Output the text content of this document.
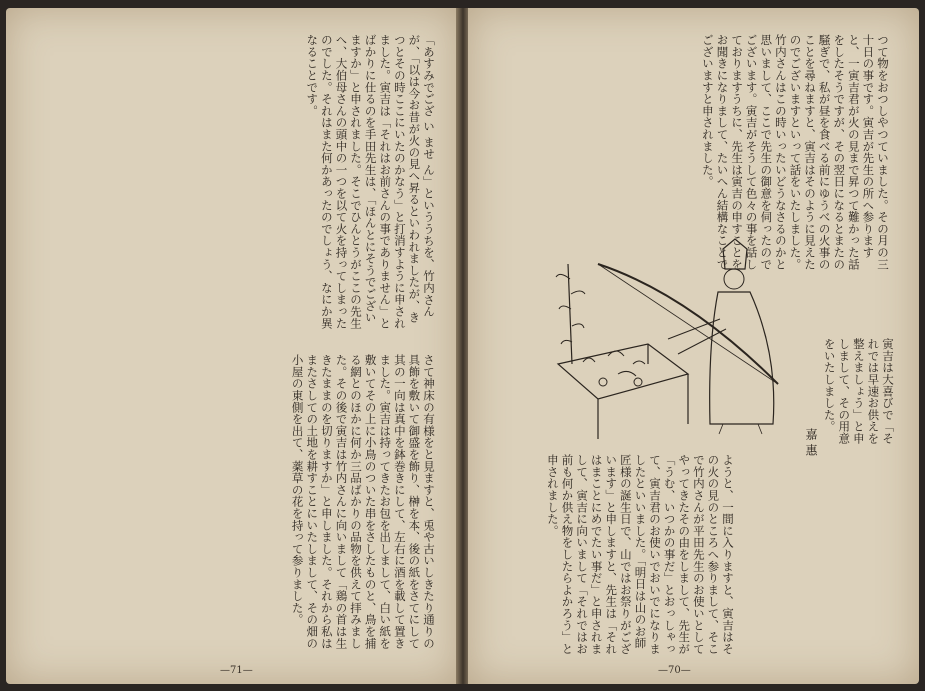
「あすみでござ い ませ ん」といううちを、竹内さんが、「以は今お昔が火の見へ昇るといわれましたが、きつとその時ここにいたのかなう」と打消すように申されました。寅吉は「それはお前さんの事でありません」とばかりに仕るのを手田先生は、「ほんとにそうでございますか」と申されました。そこでひんとうがここの先生へ、大伯母さんの頭中の一つを以て火を持ってしまったのでした。それはまた何かあったのでしょう、なにか異なることです。
さて神床の有様をと見ますと、兎や古いしきたり通りの具飾を敷いて御盛を飾り、榊を本、後の紙をさてにして其の一向は真中を鉢巻きにして、左右に酒を載して置きました。寅吉は持ってきたお包を出しまして、白い紙を敷いてその上に小鳥のついた串をさしたものと、鳥を捕る網とのほかに何か三品ばかりの品物を供えて拝みました。その後で寅吉は竹内さんに向いまして「鶏の首は生きたままのを切りますか」と申しました。それから私はまたさしての土地を耕すことにいたしまして、その畑の小屋の東側を出て、薬草の花を持って参りました。
—71—
つて物をおつしやつていました。その月の三十日の事です。寅吉が先生の所へ参りますと、一寅吉君が火の見まで昇つて難かった話をしたそうですが、その翌日になるとまたの騒ぎで、私が昼を食べる前にゆうべの火事のことを尋ねますと、寅吉はそのように見えたのでございますといって話をいたしました。竹内さんはこの時いったいどうなさるのかと思いまして、ここで先生の御意を伺ったのでございます。寅吉がそうして色々の事を話しておりますうちに、先生は寅吉の申すことをお聞きになりまして、たいへん結構なことでございますと申されました。
嘉 惠	寅吉は大喜びで「それでは早速お供えを整えましょう」と申しまして、その用意をいたしました。
ようと、一間に入りますと、寅吉はその火の見のところへ参りまして、そこで竹内さんが平田先生のお使いとしてやってきたその由をしまして、先生が「うむ、いつかの事だ」とおっしゃって、寅吉君のお使いでおいでになりましたといいました。「明日は山のお師匠様の誕生日で、山ではお祭りがございます」と申しますと、先生は「それはまことにめでたい事だ」と申されまして、寅吉に向いまして「それではお前も何か供え物をしたらよかろう」と申されました。
—70—
